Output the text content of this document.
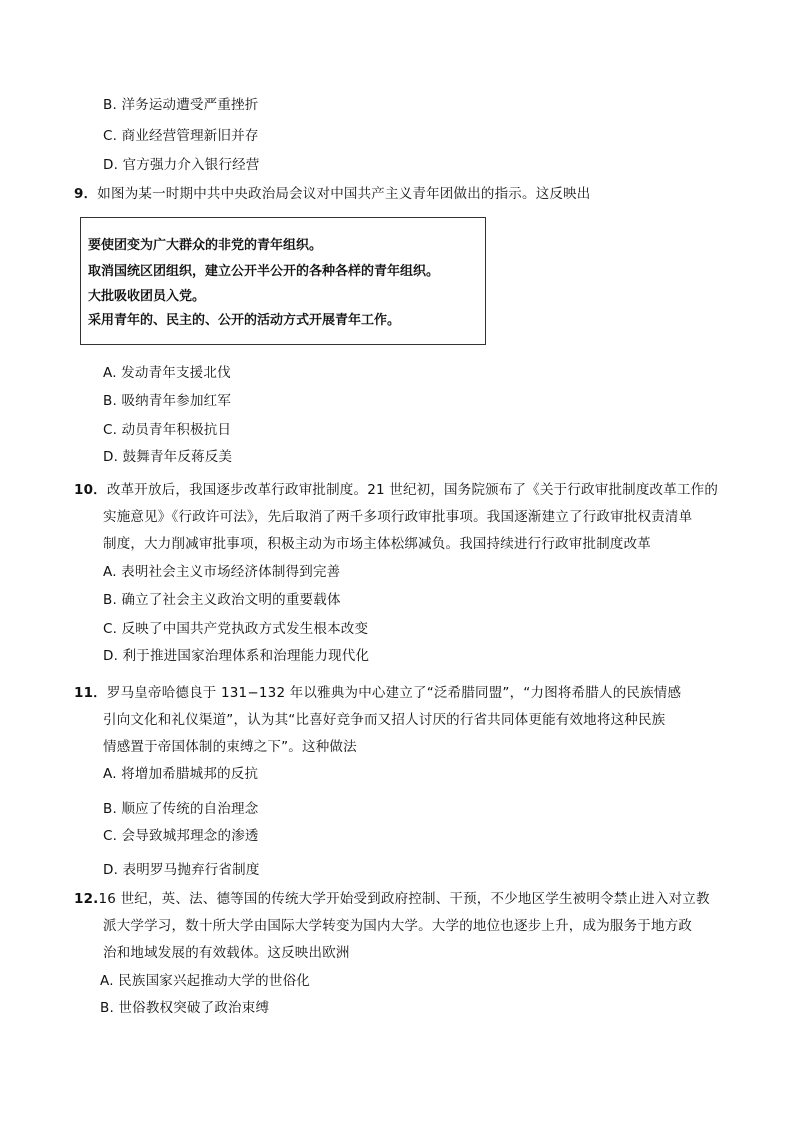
B. 洋务运动遭受严重挫折
C. 商业经营管理新旧并存
D. 官方强力介入银行经营
9．如图为某一时期中共中央政治局会议对中国共产主义青年团做出的指示。这反映出
要使团变为广大群众的非党的青年组织。
取消国统区团组织，建立公开半公开的各种各样的青年组织。
大批吸收团员入党。
采用青年的、民主的、公开的活动方式开展青年工作。
A. 发动青年支援北伐
B. 吸纳青年参加红军
C. 动员青年积极抗日
D. 鼓舞青年反蒋反美
10．改革开放后，我国逐步改革行政审批制度。21 世纪初，国务院颁布了《关于行政审批制度改革工作的
实施意见》《行政许可法》，先后取消了两千多项行政审批事项。我国逐渐建立了行政审批权责清单
制度，大力削减审批事项，积极主动为市场主体松绑减负。我国持续进行行政审批制度改革
A. 表明社会主义市场经济体制得到完善
B. 确立了社会主义政治文明的重要载体
C. 反映了中国共产党执政方式发生根本改变
D. 利于推进国家治理体系和治理能力现代化
11．罗马皇帝哈德良于 131−132 年以雅典为中心建立了“泛希腊同盟”，“力图将希腊人的民族情感
引向文化和礼仪渠道”，认为其“比喜好竞争而又招人讨厌的行省共同体更能有效地将这种民族
情感置于帝国体制的束缚之下”。这种做法
A. 将增加希腊城邦的反抗
B. 顺应了传统的自治理念
C. 会导致城邦理念的渗透
D. 表明罗马抛弃行省制度
12.16 世纪，英、法、德等国的传统大学开始受到政府控制、干预，不少地区学生被明令禁止进入对立教
派大学学习，数十所大学由国际大学转变为国内大学。大学的地位也逐步上升，成为服务于地方政
治和地域发展的有效载体。这反映出欧洲
A. 民族国家兴起推动大学的世俗化
B. 世俗教权突破了政治束缚
